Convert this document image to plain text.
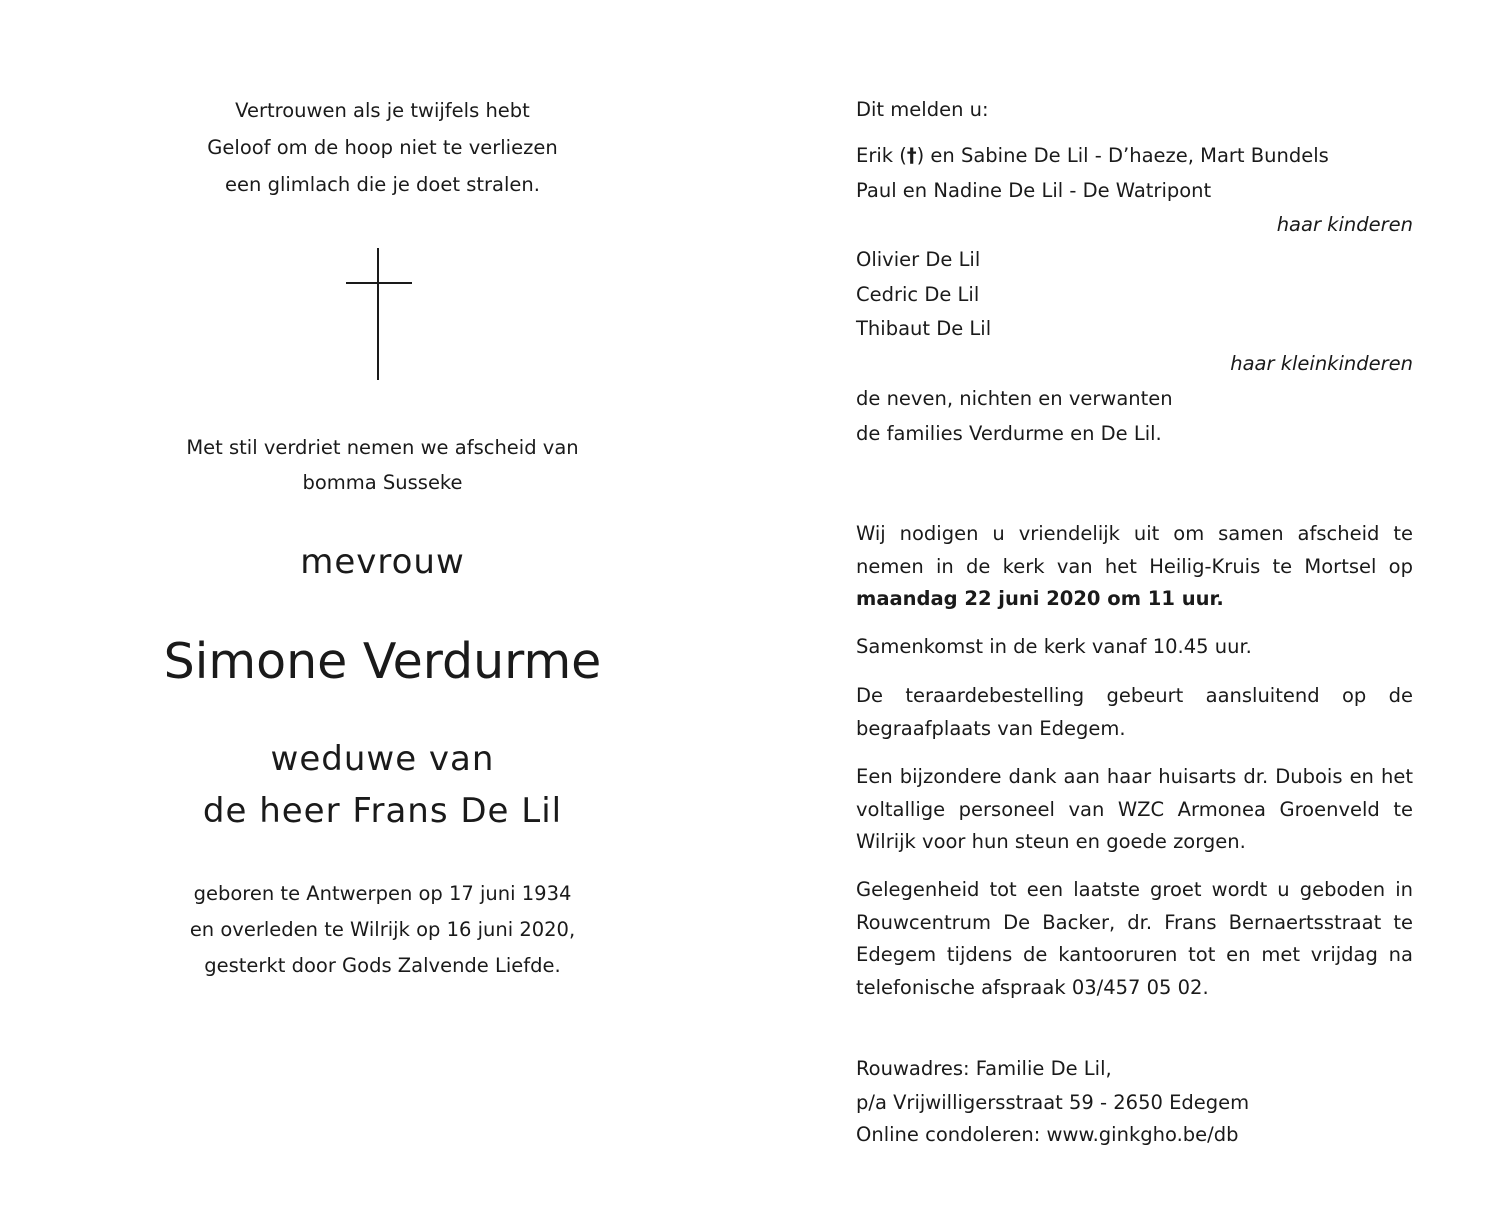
Vertrouwen als je twijfels hebt
Geloof om de hoop niet te verliezen
een glimlach die je doet stralen.
Met stil verdriet nemen we afscheid van
bomma Susseke
mevrouw
Simone Verdurme
weduwe van
de heer Frans De Lil
geboren te Antwerpen op 17 juni 1934
en overleden te Wilrijk op 16 juni 2020,
gesterkt door Gods Zalvende Liefde.
Dit melden u:
Erik (†) en Sabine De Lil - D’haeze, Mart Bundels
Paul en Nadine De Lil - De Watripont
haar kinderen
Olivier De Lil
Cedric De Lil
Thibaut De Lil
haar kleinkinderen
de neven, nichten en verwanten
de families Verdurme en De Lil.
Wij nodigen u vriendelijk uit om samen afscheid te nemen in de kerk van het Heilig-Kruis te Mortsel op maandag 22 juni 2020 om 11 uur.
Samenkomst in de kerk vanaf 10.45 uur.
De teraardebestelling gebeurt aansluitend op de begraafplaats van Edegem.
Een bijzondere dank aan haar huisarts dr. Dubois en het voltallige personeel van WZC Armonea Groenveld te Wilrijk voor hun steun en goede zorgen.
Gelegenheid tot een laatste groet wordt u geboden in Rouwcentrum De Backer, dr. Frans Bernaertsstraat te Edegem tijdens de kantooruren tot en met vrijdag na telefonische afspraak 03/457 05 02.
Rouwadres: Familie De Lil,
p/a Vrijwilligersstraat 59 - 2650 Edegem
Online condoleren: www.ginkgho.be/db
